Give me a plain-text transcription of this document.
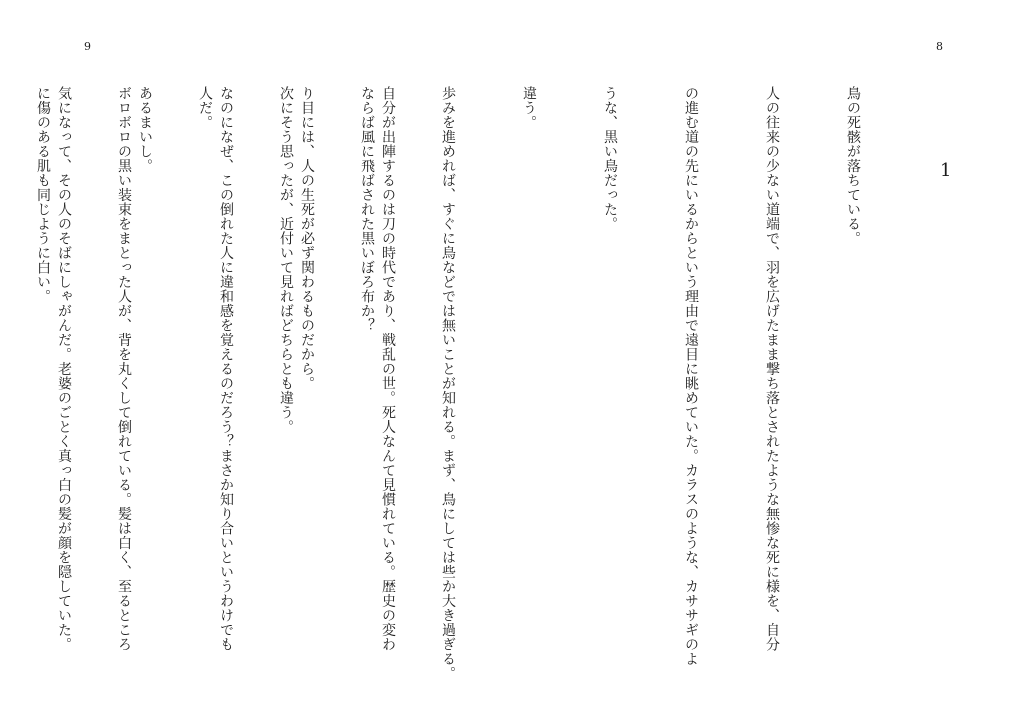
9

自分が出陣するのは刀の時代であり、戦乱の世。死人なんて見慣れている。歴史の変わ

り目には、人の生死が必ず関わるものだから。

なのになぜ、この倒れた人に違和感を覚えるのだろう？まさか知り合いというわけでも

あるまいし。

気になって、その人のそばにしゃがんだ。老婆のごとく真っ白の髪が顔を隠していた。

8
1

鳥の死骸が落ちている。

人の往来の少ない道端で、羽を広げたまま撃ち落とされたような無惨な死に様を、自分

の進む道の先にいるからという理由で遠目に眺めていた。カラスのような、カササギのよ

うな、黒い鳥だった。

違う。

歩みを進めれば、すぐに鳥などでは無いことが知れる。まず、鳥にしては些か大き過ぎる。

ならば風に飛ばされた黒いぼろ布か？

次にそう思ったが、近付いて見ればどちらとも違う。

人だ。

ボロボロの黒い装束をまとった人が、背を丸くして倒れている。髪は白く、至るところ

に傷のある肌も同じように白い。
